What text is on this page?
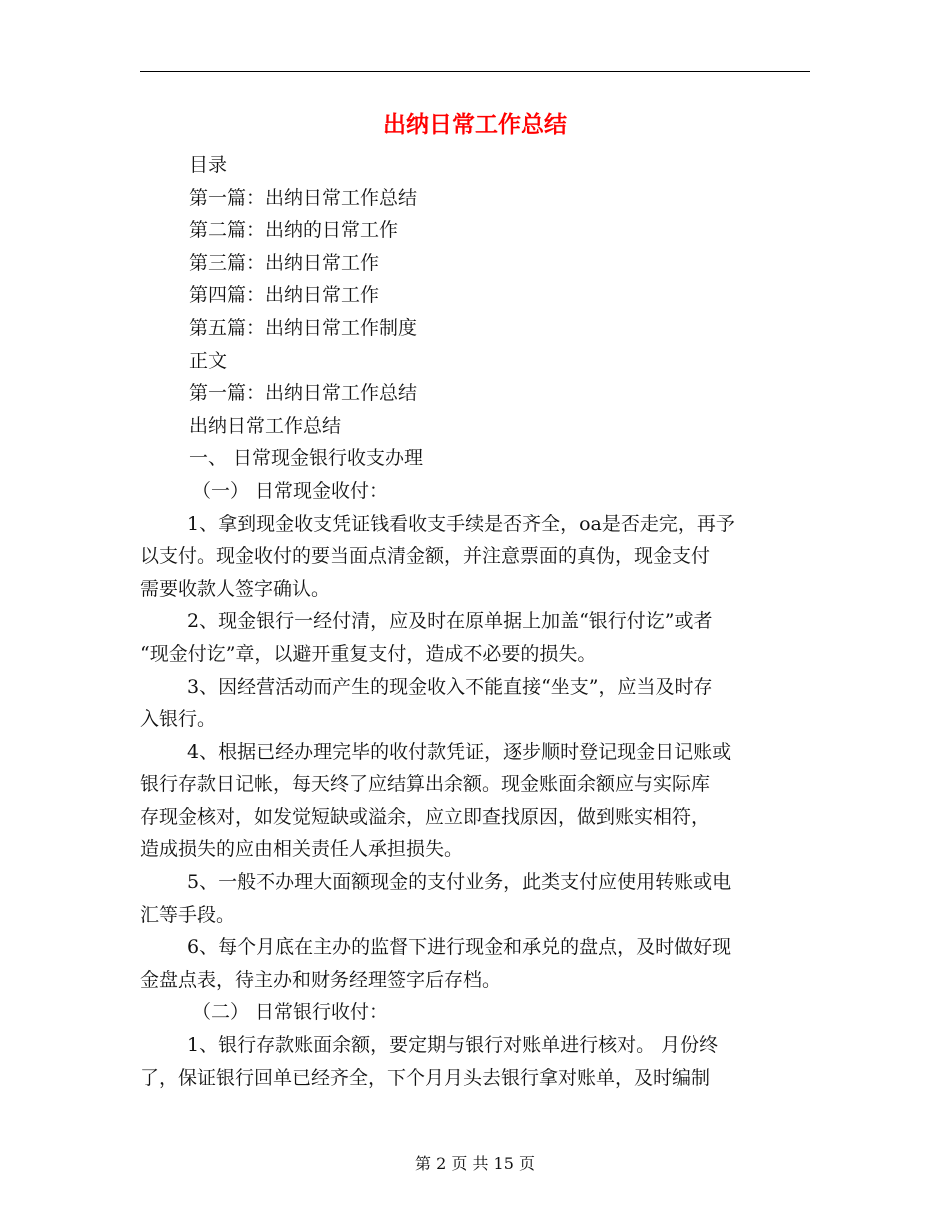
出纳日常工作总结
目录
第一篇：出纳日常工作总结
第二篇：出纳的日常工作
第三篇：出纳日常工作
第四篇：出纳日常工作
第五篇：出纳日常工作制度
正文
第一篇：出纳日常工作总结
出纳日常工作总结
一、 日常现金银行收支办理
（一） 日常现金收付：
1、拿到现金收支凭证钱看收支手续是否齐全，oa是否走完，再予
以支付。现金收付的要当面点清金额，并注意票面的真伪，现金支付
需要收款人签字确认。
2、现金银行一经付清，应及时在原单据上加盖“银行付讫”或者
“现金付讫”章，以避开重复支付，造成不必要的损失。
3、因经营活动而产生的现金收入不能直接“坐支”，应当及时存
入银行。
4、根据已经办理完毕的收付款凭证，逐步顺时登记现金日记账或
银行存款日记帐，每天终了应结算出余额。现金账面余额应与实际库
存现金核对，如发觉短缺或溢余，应立即查找原因，做到账实相符，
造成损失的应由相关责任人承担损失。
5、一般不办理大面额现金的支付业务，此类支付应使用转账或电
汇等手段。
6、每个月底在主办的监督下进行现金和承兑的盘点，及时做好现
金盘点表，待主办和财务经理签字后存档。
（二） 日常银行收付：
1、银行存款账面余额，要定期与银行对账单进行核对。 月份终
了，保证银行回单已经齐全，下个月月头去银行拿对账单，及时编制
第 2 页 共 15 页
